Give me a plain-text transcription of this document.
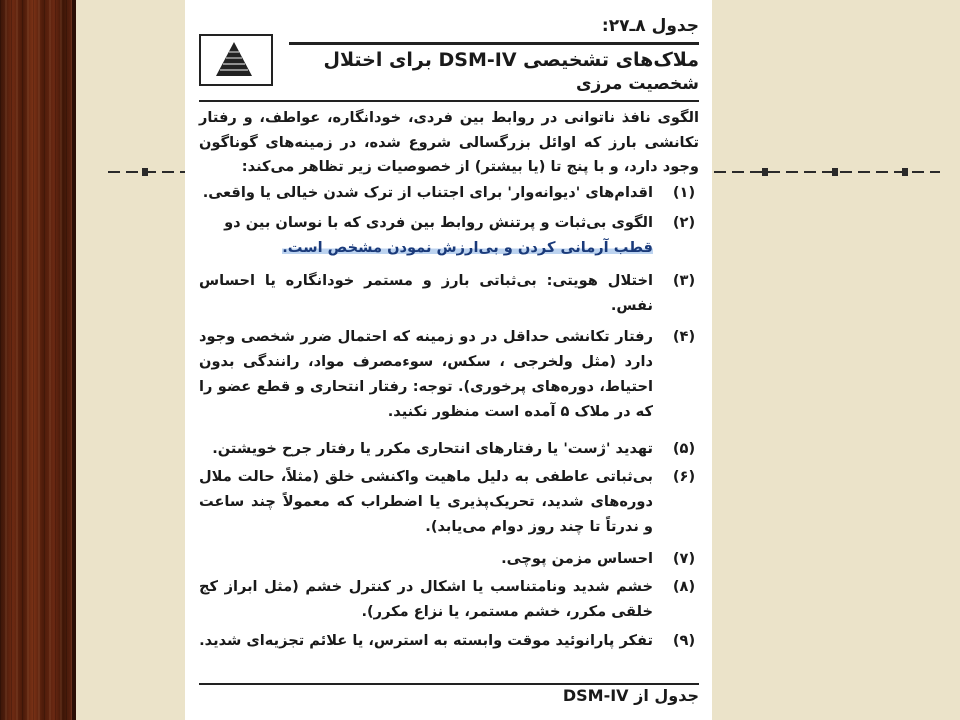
جدول ۸ـ۲۷:
ملاک‌های تشخیصی DSM-IV برای اختلال
شخصیت مرزی
الگوی نافذ ناتوانی در روابط بین فردی، خودانگاره، عواطف، و رفتار تکانشی بارز که اوائل بزرگسالی شروع شده، در زمینه‌های گوناگون وجود دارد، و با پنج تا (یا بیشتر) از خصوصیات زیر تظاهر می‌کند:
(۱)
اقدام‌های 'دیوانه‌وار' برای اجتناب از ترک شدن خیالی یا واقعی.
(۲)
الگوی بی‌ثبات و پرتنش روابط بین فردی که با نوسان بین دو
قطب آرمانی کردن و بی‌ارزش نمودن مشخص است.
(۳)
اختلال هویتی: بی‌ثباتی بارز و مستمر خودانگاره یا احساس نفس.
(۴)
رفتار تکانشی حداقل در دو زمینه که احتمال ضرر شخصی وجود دارد (مثل ولخرجی ، سکس، سوءمصرف مواد، رانندگی بدون احتیاط، دوره‌های پرخوری). توجه: رفتار انتحاری و قطع عضو را که در ملاک ۵ آمده است منظور نکنید.
(۵)
تهدید 'ژست' یا رفتارهای انتحاری مکرر یا رفتار جرح خویشتن.
(۶)
بی‌ثباتی عاطفی به دلیل ماهیت واکنشی خلق (مثلاً، حالت ملال دوره‌های شدید، تحریک‌پذیری یا اضطراب که معمولاً چند ساعت و ندرتاً تا چند روز دوام می‌یابد).
(۷)
احساس مزمن پوچی.
(۸)
خشم شدید ونامتناسب یا اشکال در کنترل خشم (مثل ابراز کج خلقی مکرر، خشم مستمر، یا نزاع مکرر).
(۹)
تفکر پارانوئید موقت وابسته به استرس، یا علائم تجزیه‌ای شدید.
جدول از DSM-IV
